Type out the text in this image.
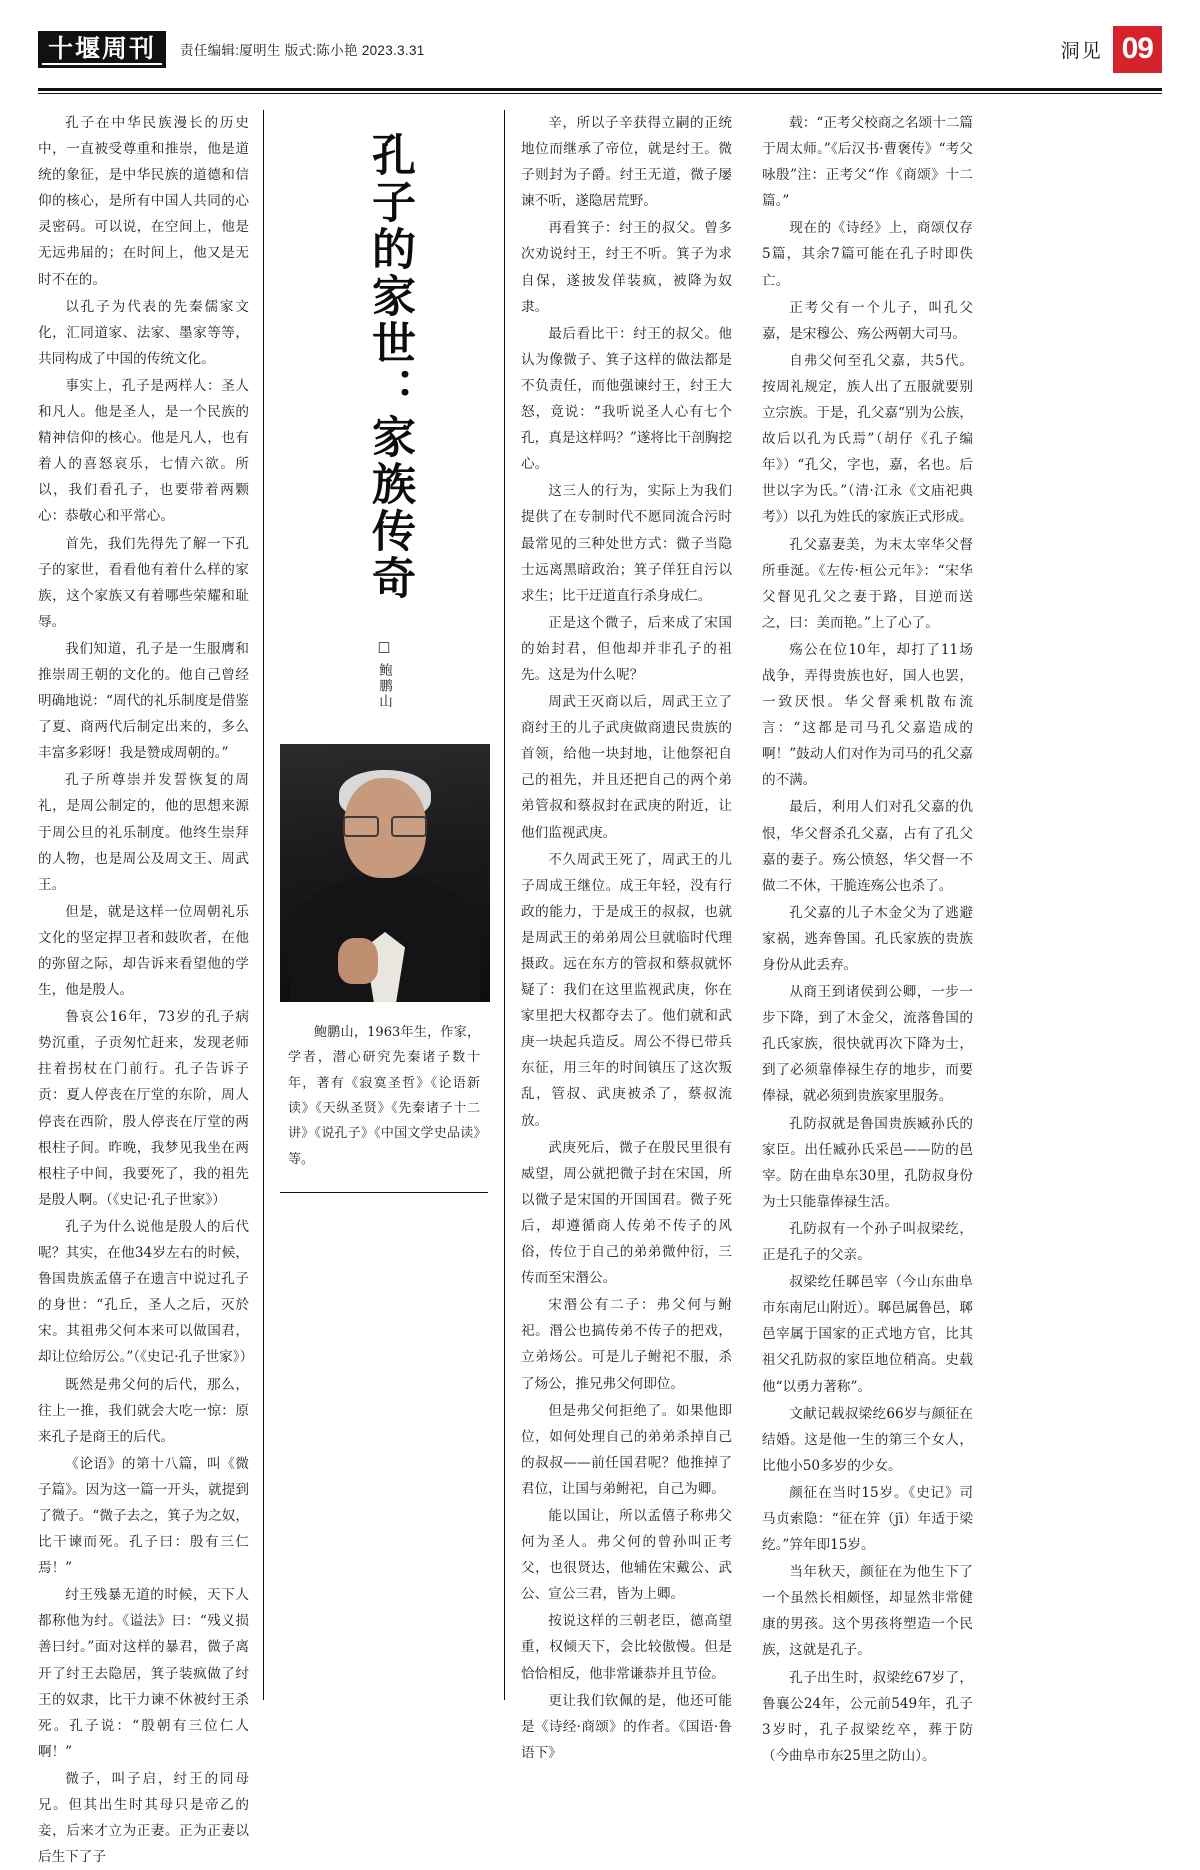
十堰周刊	责任编辑:厦明生 版式:陈小艳 2023.3.31	洞见 09

孔子在中华民族漫长的历史中，一直被受尊重和推崇，他是道统的象征，是中华民族的道德和信仰的核心，是所有中国人共同的心灵密码。可以说，在空间上，他是无远弗届的；在时间上，他又是无时不在的。

以孔子为代表的先秦儒家文化，汇同道家、法家、墨家等等，共同构成了中国的传统文化。

事实上，孔子是两样人：圣人和凡人。他是圣人，是一个民族的精神信仰的核心。他是凡人，也有着人的喜怒哀乐，七情六欲。所以，我们看孔子，也要带着两颗心：恭敬心和平常心。

首先，我们先得先了解一下孔子的家世，看看他有着什么样的家族，这个家族又有着哪些荣耀和耻辱。

我们知道，孔子是一生服膺和推崇周王朝的文化的。他自己曾经明确地说：“周代的礼乐制度是借鉴了夏、商两代后制定出来的，多么丰富多彩呀！我是赞成周朝的。”

孔子所尊崇并发誓恢复的周礼，是周公制定的，他的思想来源于周公旦的礼乐制度。他终生崇拜的人物，也是周公及周文王、周武王。

但是，就是这样一位周朝礼乐文化的坚定捍卫者和鼓吹者，在他的弥留之际，却告诉来看望他的学生，他是殷人。

鲁哀公16年，73岁的孔子病势沉重，子贡匆忙赶来，发现老师拄着拐杖在门前行。孔子告诉子贡：夏人停丧在厅堂的东阶，周人停丧在西阶，殷人停丧在厅堂的两根柱子间。昨晚，我梦见我坐在两根柱子中间，我要死了，我的祖先是殷人啊。（《史记·孔子世家》）

孔子为什么说他是殷人的后代呢？其实，在他34岁左右的时候，鲁国贵族孟僖子在遗言中说过孔子的身世：“孔丘，圣人之后，灭於宋。其祖弗父何本来可以做国君，却让位给厉公。”（《史记·孔子世家》）

既然是弗父何的后代，那么，往上一推，我们就会大吃一惊：原来孔子是商王的后代。

《论语》的第十八篇，叫《微子篇》。因为这一篇一开头，就提到了微子。“微子去之，箕子为之奴，比干谏而死。孔子曰：殷有三仁焉！”

纣王残暴无道的时候，天下人都称他为纣。《谥法》曰：“残义损善曰纣。”面对这样的暴君，微子离开了纣王去隐居，箕子装疯做了纣王的奴隶，比干力谏不休被纣王杀死。孔子说：“殷朝有三位仁人啊！”

微子，叫子启，纣王的同母兄。但其出生时其母只是帝乙的妾，后来才立为正妻。正为正妻以后生下了子

孔子的家世：家族传奇
□ 鲍鹏山
鲍鹏山，1963年生，作家，学者，潜心研究先秦诸子数十年，著有《寂寞圣哲》《论语新读》《天纵圣贤》《先秦诸子十二讲》《说孔子》《中国文学史品读》等。

辛，所以子辛获得立嗣的正统地位而继承了帝位，就是纣王。微子则封为子爵。纣王无道，微子屡谏不听，遂隐居荒野。

再看箕子：纣王的叔父。曾多次劝说纣王，纣王不听。箕子为求自保，遂披发佯装疯，被降为奴隶。

最后看比干：纣王的叔父。他认为像微子、箕子这样的做法都是不负责任，而他强谏纣王，纣王大怒，竟说：“我听说圣人心有七个孔，真是这样吗？”遂将比干剖胸挖心。

这三人的行为，实际上为我们提供了在专制时代不愿同流合污时最常见的三种处世方式：微子当隐士远离黑暗政治；箕子佯狂自污以求生；比干迂道直行杀身成仁。

正是这个微子，后来成了宋国的始封君，但他却并非孔子的祖先。这是为什么呢？

周武王灭商以后，周武王立了商纣王的儿子武庚做商遗民贵族的首领，给他一块封地，让他祭祀自己的祖先，并且还把自己的两个弟弟管叔和蔡叔封在武庚的附近，让他们监视武庚。

不久周武王死了，周武王的儿子周成王继位。成王年轻，没有行政的能力，于是成王的叔叔，也就是周武王的弟弟周公旦就临时代理摄政。远在东方的管叔和蔡叔就怀疑了：我们在这里监视武庚，你在家里把大权都夺去了。他们就和武庚一块起兵造反。周公不得已带兵东征，用三年的时间镇压了这次叛乱，管叔、武庚被杀了，蔡叔流放。

武庚死后，微子在殷民里很有威望，周公就把微子封在宋国，所以微子是宋国的开国国君。微子死后，却遵循商人传弟不传子的风俗，传位于自己的弟弟微仲衍，三传而至宋湣公。

宋湣公有二子：弗父何与鲋祀。湣公也搞传弟不传子的把戏，立弟炀公。可是儿子鲋祀不服，杀了炀公，推兄弗父何即位。

但是弗父何拒绝了。如果他即位，如何处理自己的弟弟杀掉自己的叔叔——前任国君呢？他推掉了君位，让国与弟鲋祀，自己为卿。

能以国让，所以孟僖子称弗父何为圣人。弗父何的曾孙叫正考父，也很贤达，他辅佐宋戴公、武公、宣公三君，皆为上卿。

按说这样的三朝老臣，德高望重，权倾天下，会比较傲慢。但是恰恰相反，他非常谦恭并且节俭。

更让我们钦佩的是，他还可能是《诗经·商颂》的作者。《国语·鲁语下》

载：“正考父校商之名颂十二篇于周太师。”《后汉书·曹褒传》“考父咏殷”注：正考父“作《商颂》十二篇。”

现在的《诗经》上，商颂仅存5篇，其余7篇可能在孔子时即佚亡。

正考父有一个儿子，叫孔父嘉，是宋穆公、殇公两朝大司马。

自弗父何至孔父嘉，共5代。按周礼规定，族人出了五服就要别立宗族。于是，孔父嘉“别为公族，故后以孔为氏焉”（胡仔《孔子编年》）“孔父，字也，嘉，名也。后世以字为氏。”（清·江永《文庙祀典考》）以孔为姓氏的家族正式形成。

孔父嘉妻美，为末太宰华父督所垂涎。《左传·桓公元年》：“宋华父督见孔父之妻于路，目逆而送之，曰：美而艳。”上了心了。

殇公在位10年，却打了11场战争，弄得贵族也好，国人也罢，一致厌恨。华父督乘机散布流言：“这都是司马孔父嘉造成的啊！”鼓动人们对作为司马的孔父嘉的不满。

最后，利用人们对孔父嘉的仇恨，华父督杀孔父嘉，占有了孔父嘉的妻子。殇公愤怒，华父督一不做二不休，干脆连殇公也杀了。

孔父嘉的儿子木金父为了逃避家祸，逃奔鲁国。孔氏家族的贵族身份从此丢弃。

从商王到诸侯到公卿，一步一步下降，到了木金父，流落鲁国的孔氏家族，很快就再次下降为士，到了必须靠俸禄生存的地步，而要俸禄，就必须到贵族家里服务。

孔防叔就是鲁国贵族臧孙氏的家臣。出任臧孙氏采邑——防的邑宰。防在曲阜东30里，孔防叔身份为士只能靠俸禄生活。

孔防叔有一个孙子叫叔梁纥，正是孔子的父亲。

叔梁纥任郰邑宰（今山东曲阜市东南尼山附近）。郰邑属鲁邑，郰邑宰属于国家的正式地方官，比其祖父孔防叔的家臣地位稍高。史载他“以勇力著称”。

文献记载叔梁纥66岁与颜征在结婚。这是他一生的第三个女人，比他小50多岁的少女。

颜征在当时15岁。《史记》司马贞索隐：“征在笄（jī）年适于梁纥。”笄年即15岁。

当年秋天，颜征在为他生下了一个虽然长相颇怪，却显然非常健康的男孩。这个男孩将塑造一个民族，这就是孔子。

孔子出生时，叔梁纥67岁了，鲁襄公24年，公元前549年，孔子3岁时，孔子叔梁纥卒，葬于防（今曲阜市东25里之防山）。
